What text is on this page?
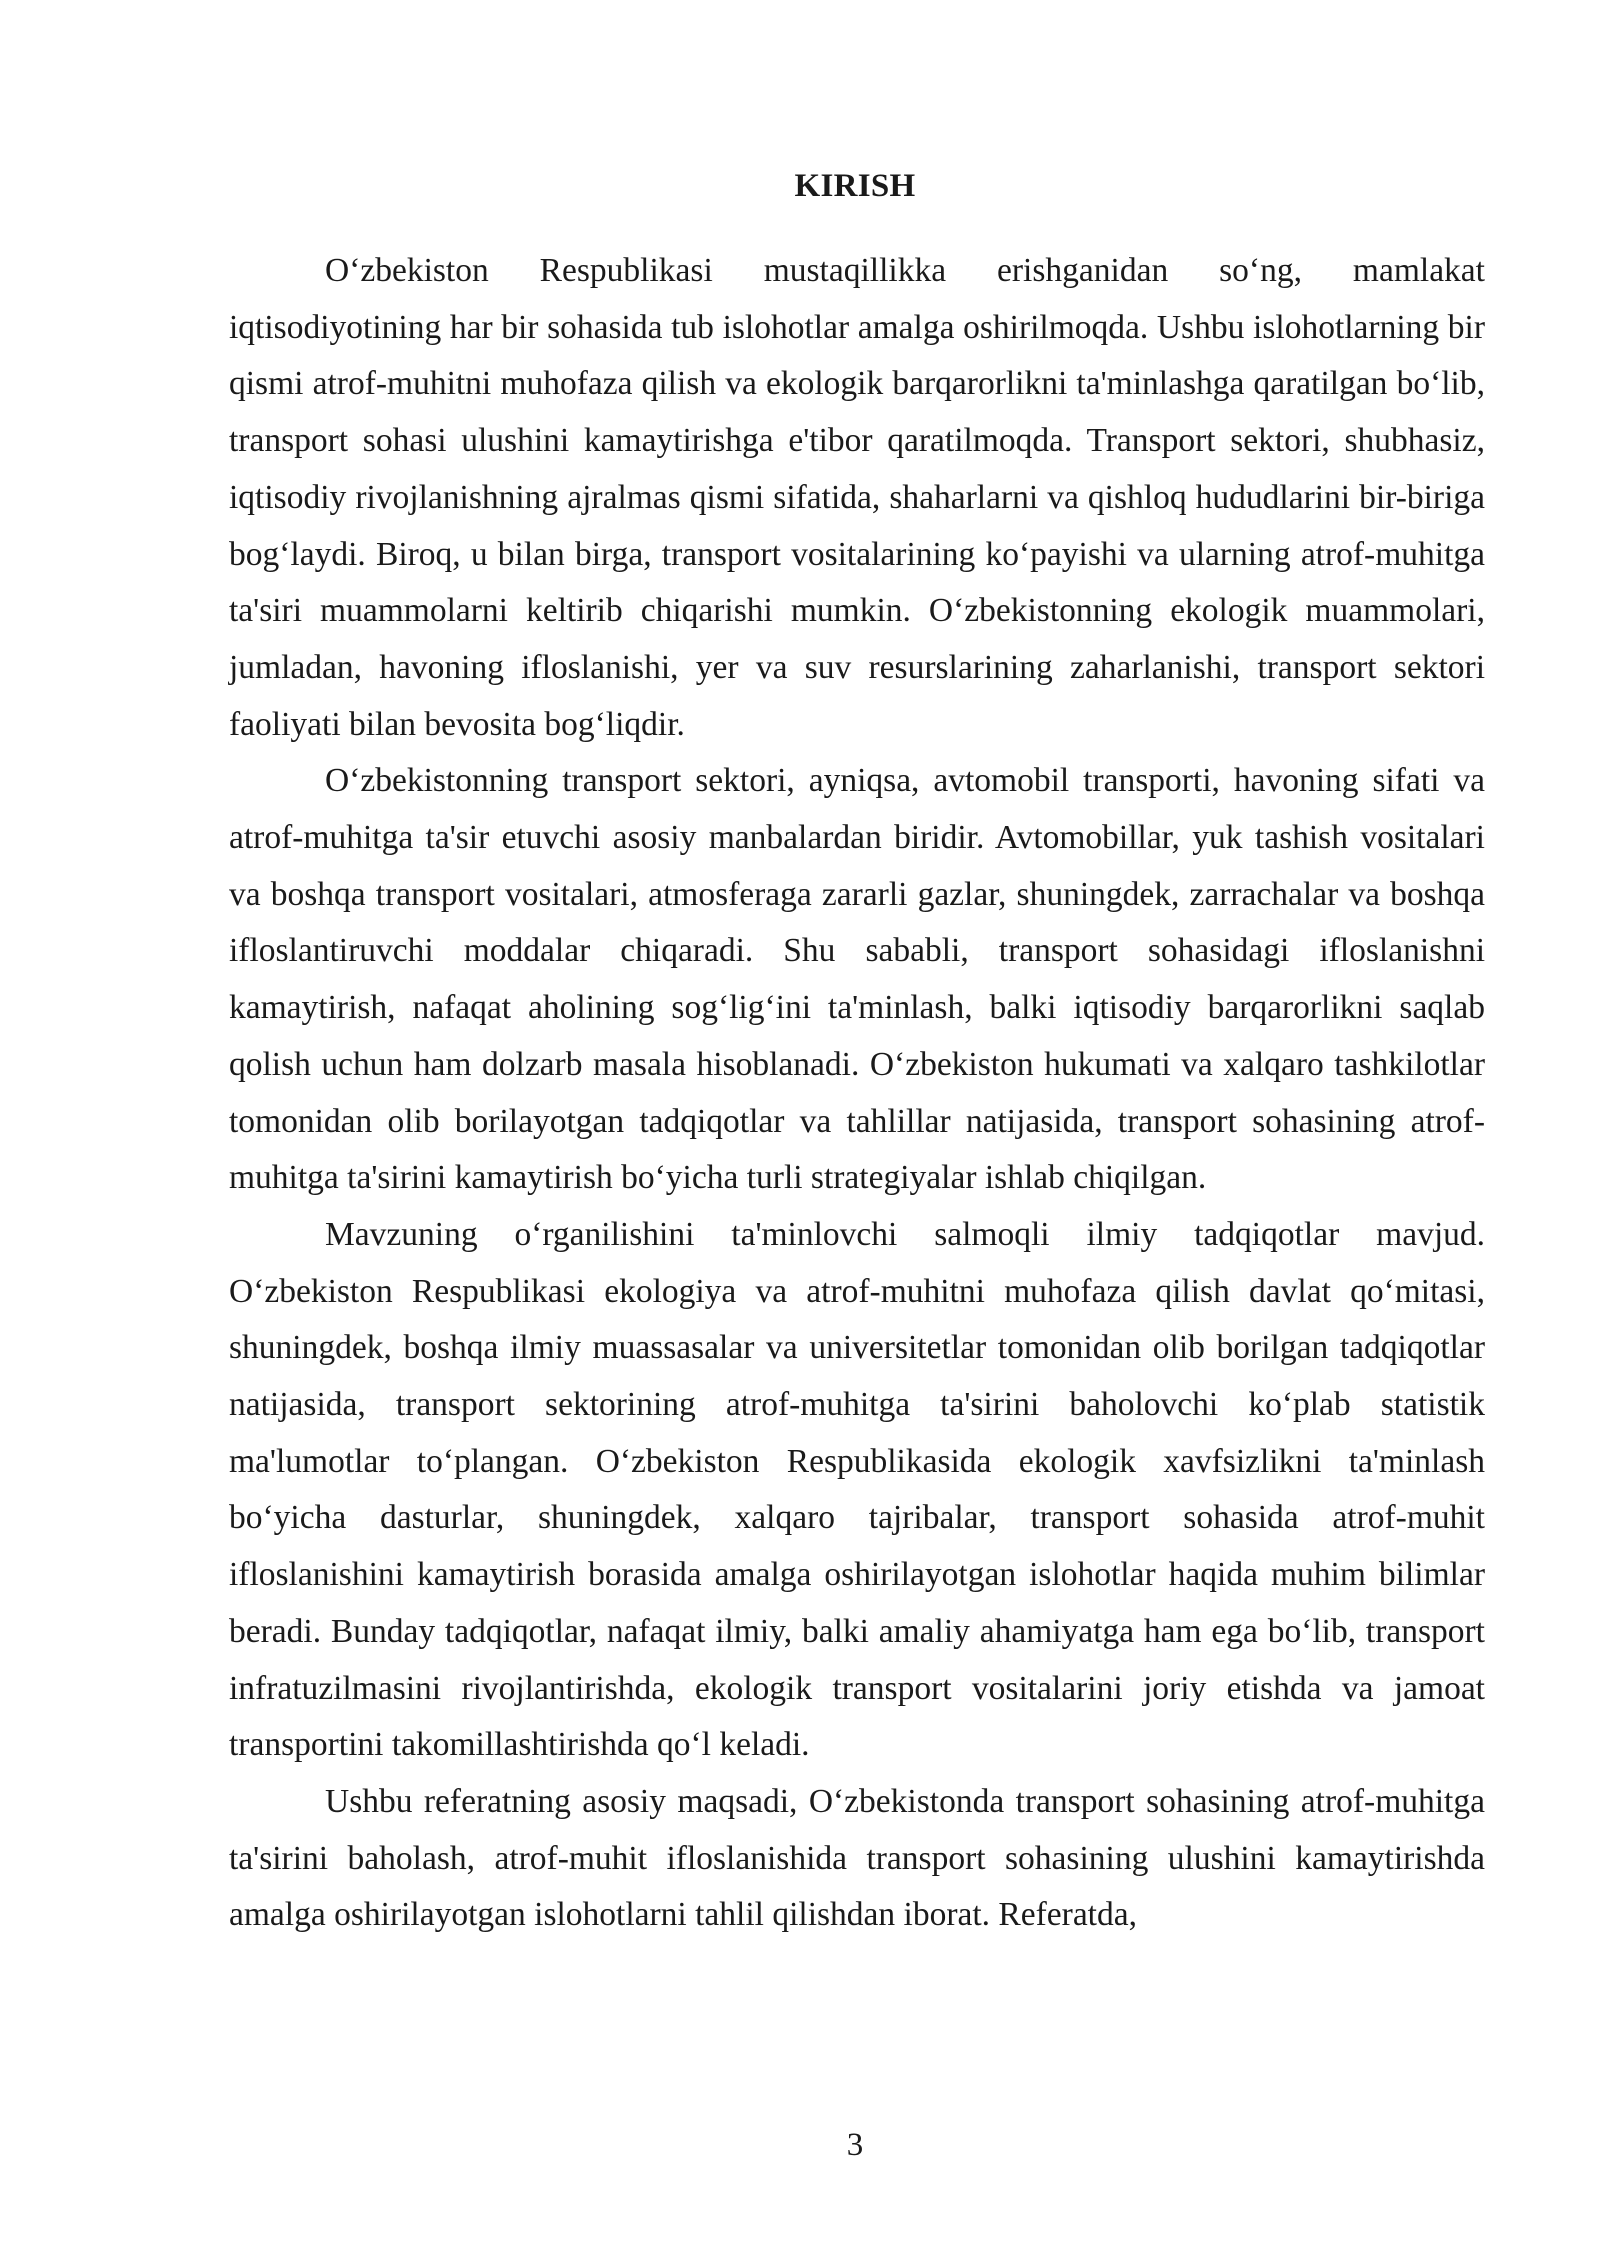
KIRISH

O‘zbekiston Respublikasi mustaqillikka erishganidan so‘ng, mamlakat iqtisodiyotining har bir sohasida tub islohotlar amalga oshirilmoqda. Ushbu islohotlarning bir qismi atrof-muhitni muhofaza qilish va ekologik barqarorlikni ta'minlashga qaratilgan bo‘lib, transport sohasi ulushini kamaytirishga e'tibor qaratilmoqda. Transport sektori, shubhasiz, iqtisodiy rivojlanishning ajralmas qismi sifatida, shaharlarni va qishloq hududlarini bir-biriga bog‘laydi. Biroq, u bilan birga, transport vositalarining ko‘payishi va ularning atrof-muhitga ta'siri muammolarni keltirib chiqarishi mumkin. O‘zbekistonning ekologik muammolari, jumladan, havoning ifloslanishi, yer va suv resurslarining zaharlanishi, transport sektori faoliyati bilan bevosita bog‘liqdir.

O‘zbekistonning transport sektori, ayniqsa, avtomobil transporti, havoning sifati va atrof-muhitga ta'sir etuvchi asosiy manbalardan biridir. Avtomobillar, yuk tashish vositalari va boshqa transport vositalari, atmosferaga zararli gazlar, shuningdek, zarrachalar va boshqa ifloslantiruvchi moddalar chiqaradi. Shu sababli, transport sohasidagi ifloslanishni kamaytirish, nafaqat aholining sog‘lig‘ini ta'minlash, balki iqtisodiy barqarorlikni saqlab qolish uchun ham dolzarb masala hisoblanadi. O‘zbekiston hukumati va xalqaro tashkilotlar tomonidan olib borilayotgan tadqiqotlar va tahlillar natijasida, transport sohasining atrof-muhitga ta'sirini kamaytirish bo‘yicha turli strategiyalar ishlab chiqilgan.

Mavzuning o‘rganilishini ta'minlovchi salmoqli ilmiy tadqiqotlar mavjud. O‘zbekiston Respublikasi ekologiya va atrof-muhitni muhofaza qilish davlat qo‘mitasi, shuningdek, boshqa ilmiy muassasalar va universitetlar tomonidan olib borilgan tadqiqotlar natijasida, transport sektorining atrof-muhitga ta'sirini baholovchi ko‘plab statistik ma'lumotlar to‘plangan. O‘zbekiston Respublikasida ekologik xavfsizlikni ta'minlash bo‘yicha dasturlar, shuningdek, xalqaro tajribalar, transport sohasida atrof-muhit ifloslanishini kamaytirish borasida amalga oshirilayotgan islohotlar haqida muhim bilimlar beradi. Bunday tadqiqotlar, nafaqat ilmiy, balki amaliy ahamiyatga ham ega bo‘lib, transport infratuzilmasini rivojlantirishda, ekologik transport vositalarini joriy etishda va jamoat transportini takomillashtirishda qo‘l keladi.

Ushbu referatning asosiy maqsadi, O‘zbekistonda transport sohasining atrof-muhitga ta'sirini baholash, atrof-muhit ifloslanishida transport sohasining ulushini kamaytirishda amalga oshirilayotgan islohotlarni tahlil qilishdan iborat. Referatda,

3
